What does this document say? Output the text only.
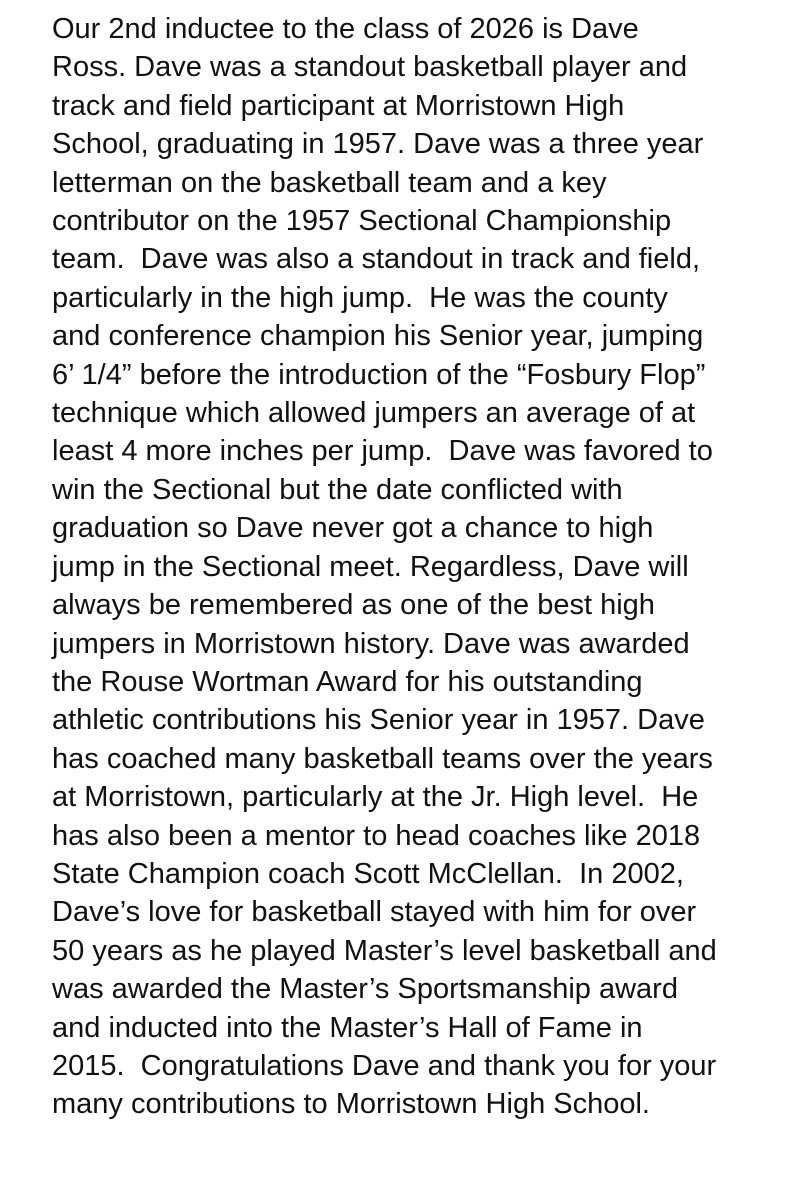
Our 2nd inductee to the class of 2026 is Dave
Ross. Dave was a standout basketball player and
track and field participant at Morristown High
School, graduating in 1957. Dave was a three year
letterman on the basketball team and a key
contributor on the 1957 Sectional Championship
team.  Dave was also a standout in track and field,
particularly in the high jump.  He was the county
and conference champion his Senior year, jumping
6’ 1/4” before the introduction of the “Fosbury Flop”
technique which allowed jumpers an average of at
least 4 more inches per jump.  Dave was favored to
win the Sectional but the date conflicted with
graduation so Dave never got a chance to high
jump in the Sectional meet. Regardless, Dave will
always be remembered as one of the best high
jumpers in Morristown history. Dave was awarded
the Rouse Wortman Award for his outstanding
athletic contributions his Senior year in 1957. Dave
has coached many basketball teams over the years
at Morristown, particularly at the Jr. High level.  He
has also been a mentor to head coaches like 2018
State Champion coach Scott McClellan.  In 2002,
Dave’s love for basketball stayed with him for over
50 years as he played Master’s level basketball and
was awarded the Master’s Sportsmanship award
and inducted into the Master’s Hall of Fame in
2015.  Congratulations Dave and thank you for your
many contributions to Morristown High School.
